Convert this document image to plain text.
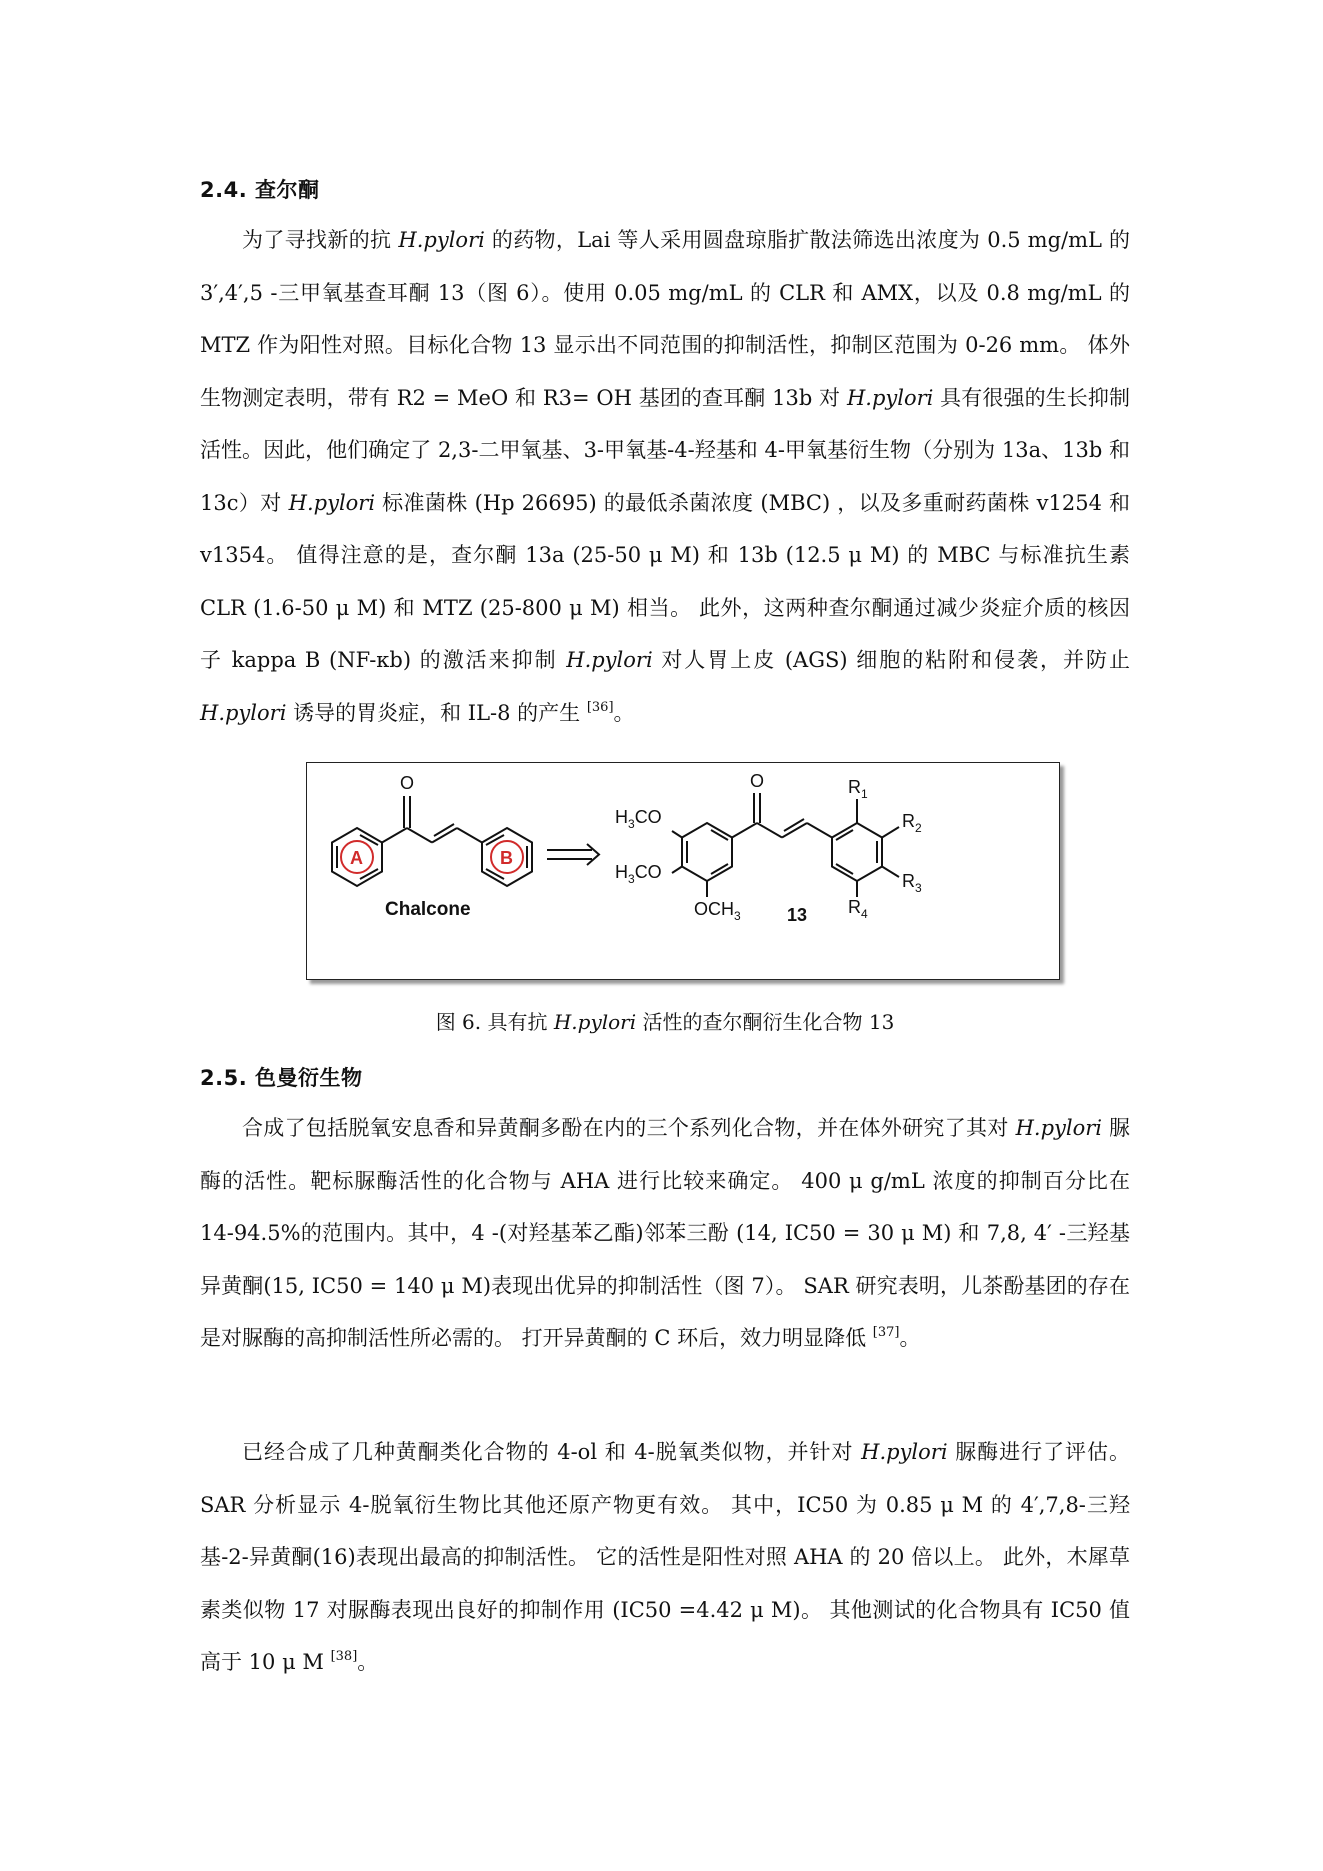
2.4. 查尔酮

为了寻找新的抗 H.pylori 的药物，Lai 等人采用圆盘琼脂扩散法筛选出浓度为 0.5 mg/mL 的 3′,4′,5 -三甲氧基查耳酮 13（图 6）。使用 0.05 mg/mL 的 CLR 和 AMX，以及 0.8 mg/mL 的 MTZ 作为阳性对照。目标化合物 13 显示出不同范围的抑制活性，抑制区范围为 0-26 mm。 体外生物测定表明，带有 R2 = MeO 和 R3= OH 基团的查耳酮 13b 对 H.pylori 具有很强的生长抑制活性。因此，他们确定了 2,3-二甲氧基、3-甲氧基-4-羟基和 4-甲氧基衍生物（分别为 13a、13b 和 13c）对 H.pylori 标准菌株 (Hp 26695) 的最低杀菌浓度 (MBC) ，以及多重耐药菌株 v1254 和 v1354。 值得注意的是，查尔酮 13a (25-50 μ M) 和 13b (12.5 μ M) 的 MBC 与标准抗生素 CLR (1.6-50 μ M) 和 MTZ (25-800 μ M) 相当。 此外，这两种查尔酮通过减少炎症介质的核因子 kappa B (NF-κb) 的激活来抑制 H.pylori 对人胃上皮 (AGS) 细胞的粘附和侵袭，并防止 H.pylori 诱导的胃炎症，和 IL-8 的产生 [36]。

O	O
A	B
Chalcone
$H_3CO$
$H_3CO$
$OCH_3$	13
$R_1$
$R_2$
$R_3$
$R_4$
图 6. 具有抗 H.pylori 活性的查尔酮衍生化合物 13
2.5. 色曼衍生物

合成了包括脱氧安息香和异黄酮多酚在内的三个系列化合物，并在体外研究了其对 H.pylori 脲酶的活性。靶标脲酶活性的化合物与 AHA 进行比较来确定。 400 μ g/mL 浓度的抑制百分比在 14-94.5%的范围内。其中，4 -(对羟基苯乙酯)邻苯三酚 (14, IC50 = 30 μ M) 和 7,8, 4′ -三羟基异黄酮(15, IC50 = 140 μ M)表现出优异的抑制活性（图 7）。 SAR 研究表明，儿茶酚基团的存在是对脲酶的高抑制活性所必需的。 打开异黄酮的 C 环后，效力明显降低 [37]。

已经合成了几种黄酮类化合物的 4-ol 和 4-脱氧类似物，并针对 H.pylori 脲酶进行了评估。 SAR 分析显示 4-脱氧衍生物比其他还原产物更有效。 其中，IC50 为 0.85 μ M 的 4′,7,8-三羟基-2-异黄酮(16)表现出最高的抑制活性。 它的活性是阳性对照 AHA 的 20 倍以上。 此外，木犀草素类似物 17 对脲酶表现出良好的抑制作用 (IC50 =4.42 μ M)。 其他测试的化合物具有 IC50 值高于 10 μ M [38]。
